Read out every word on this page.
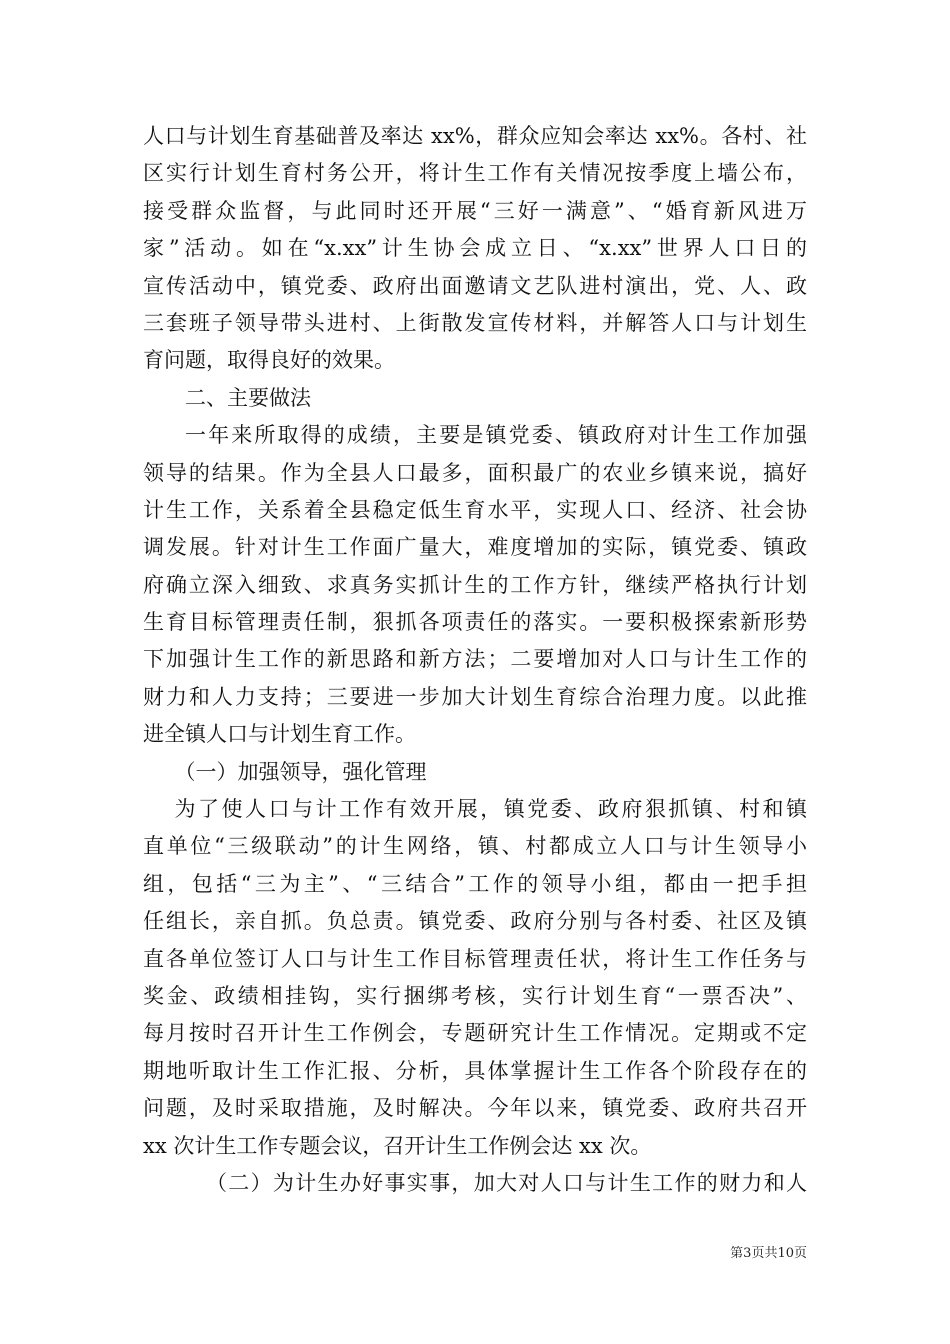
人口与计划生育基础普及率达 xx%，群众应知会率达 xx%。各村、社
区实行计划生育村务公开，将计生工作有关情况按季度上墙公布，
接受群众监督，与此同时还开展“三好一满意”、“婚育新风进万
家”活动。如在“x.xx”计生协会成立日、“x.xx”世界人口日的
宣传活动中，镇党委、政府出面邀请文艺队进村演出，党、人、政
三套班子领导带头进村、上街散发宣传材料，并解答人口与计划生
育问题，取得良好的效果。
二、主要做法
一年来所取得的成绩，主要是镇党委、镇政府对计生工作加强
领导的结果。作为全县人口最多，面积最广的农业乡镇来说，搞好
计生工作，关系着全县稳定低生育水平，实现人口、经济、社会协
调发展。针对计生工作面广量大，难度增加的实际，镇党委、镇政
府确立深入细致、求真务实抓计生的工作方针，继续严格执行计划
生育目标管理责任制，狠抓各项责任的落实。一要积极探索新形势
下加强计生工作的新思路和新方法；二要增加对人口与计生工作的
财力和人力支持；三要进一步加大计划生育综合治理力度。以此推
进全镇人口与计划生育工作。
（一）加强领导，强化管理
为了使人口与计工作有效开展，镇党委、政府狠抓镇、村和镇
直单位“三级联动”的计生网络，镇、村都成立人口与计生领导小
组，包括“三为主”、“三结合”工作的领导小组，都由一把手担
任组长，亲自抓。负总责。镇党委、政府分别与各村委、社区及镇
直各单位签订人口与计生工作目标管理责任状，将计生工作任务与
奖金、政绩相挂钩，实行捆绑考核，实行计划生育“一票否决”、
每月按时召开计生工作例会，专题研究计生工作情况。定期或不定
期地听取计生工作汇报、分析，具体掌握计生工作各个阶段存在的
问题，及时采取措施，及时解决。今年以来，镇党委、政府共召开
xx 次计生工作专题会议，召开计生工作例会达 xx 次。
（二）为计生办好事实事，加大对人口与计生工作的财力和人
第3页共10页
